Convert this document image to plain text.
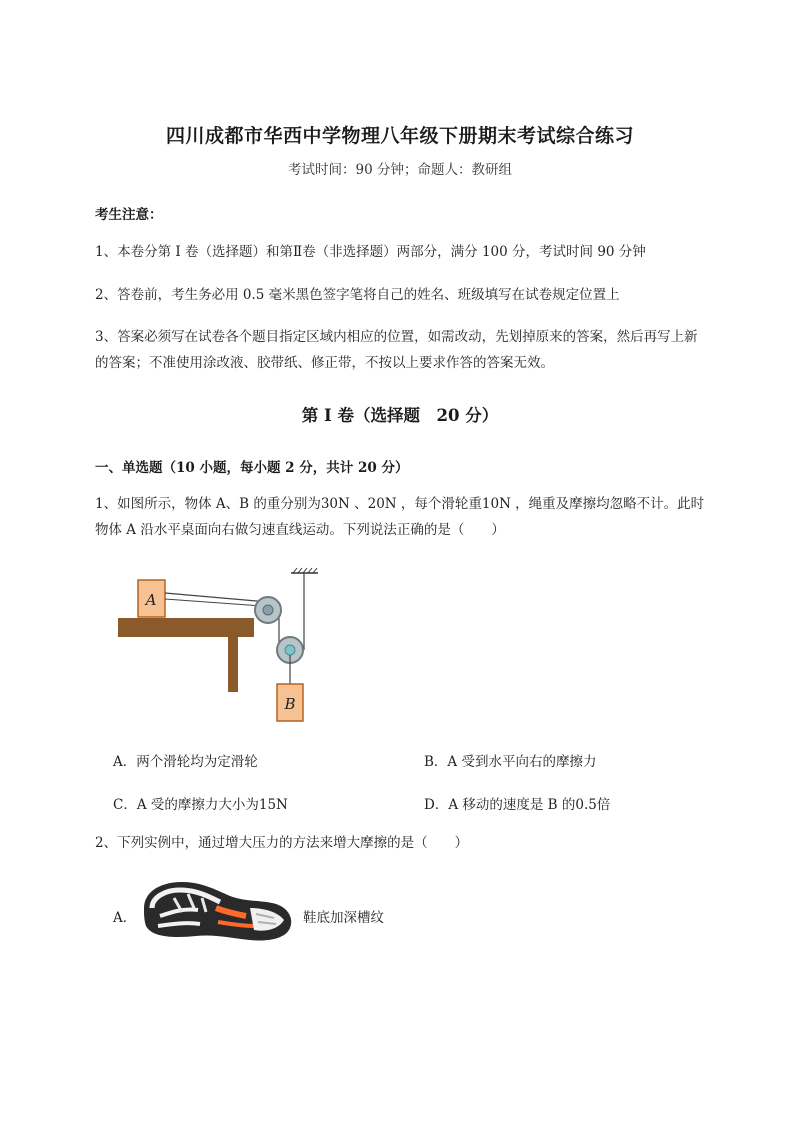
四川成都市华西中学物理八年级下册期末考试综合练习
考试时间：90 分钟；命题人：教研组
考生注意：
1、本卷分第 I 卷（选择题）和第Ⅱ卷（非选择题）两部分，满分 100 分，考试时间 90 分钟
2、答卷前，考生务必用 0.5 毫米黑色签字笔将自己的姓名、班级填写在试卷规定位置上
3、答案必须写在试卷各个题目指定区域内相应的位置，如需改动，先划掉原来的答案，然后再写上新
的答案；不准使用涂改液、胶带纸、修正带，不按以上要求作答的答案无效。
第 I 卷（选择题　20 分）
一、单选题（10 小题，每小题 2 分，共计 20 分）
1、如图所示，物体 A、B 的重分别为30N 、20N ，每个滑轮重10N ，绳重及摩擦均忽略不计。此时
物体 A 沿水平桌面向右做匀速直线运动。下列说法正确的是（　　）
A
B
A．两个滑轮均为定滑轮	B．A 受到水平向右的摩擦力
C．A 受的摩擦力大小为15N	D．A 移动的速度是 B 的0.5倍
2、下列实例中，通过增大压力的方法来增大摩擦的是（　　）
A．	鞋底加深槽纹
